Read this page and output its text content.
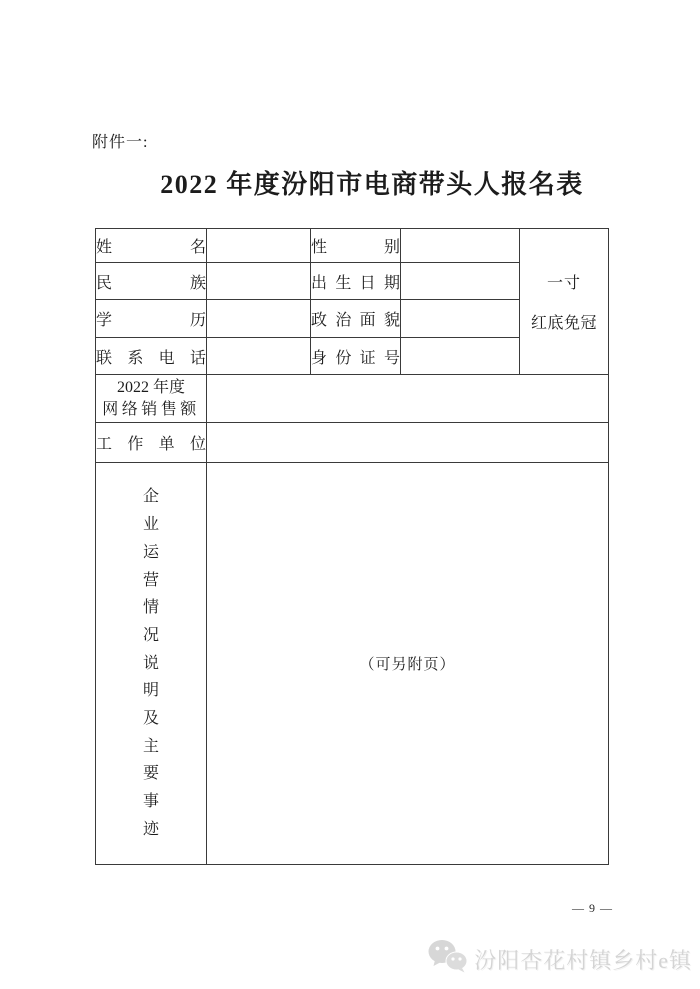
附件一:
2022 年度汾阳市电商带头人报名表
姓名		性别		一寸
红底免冠

民族		出生日期		
学历		政治面貌		
联系电话		身份证号		

2022 年度
网络销售额				

工作单位				

企业运营情况说明及主要事迹	（可另附页）			
— 9 —
汾阳杏花村镇乡村e镇
